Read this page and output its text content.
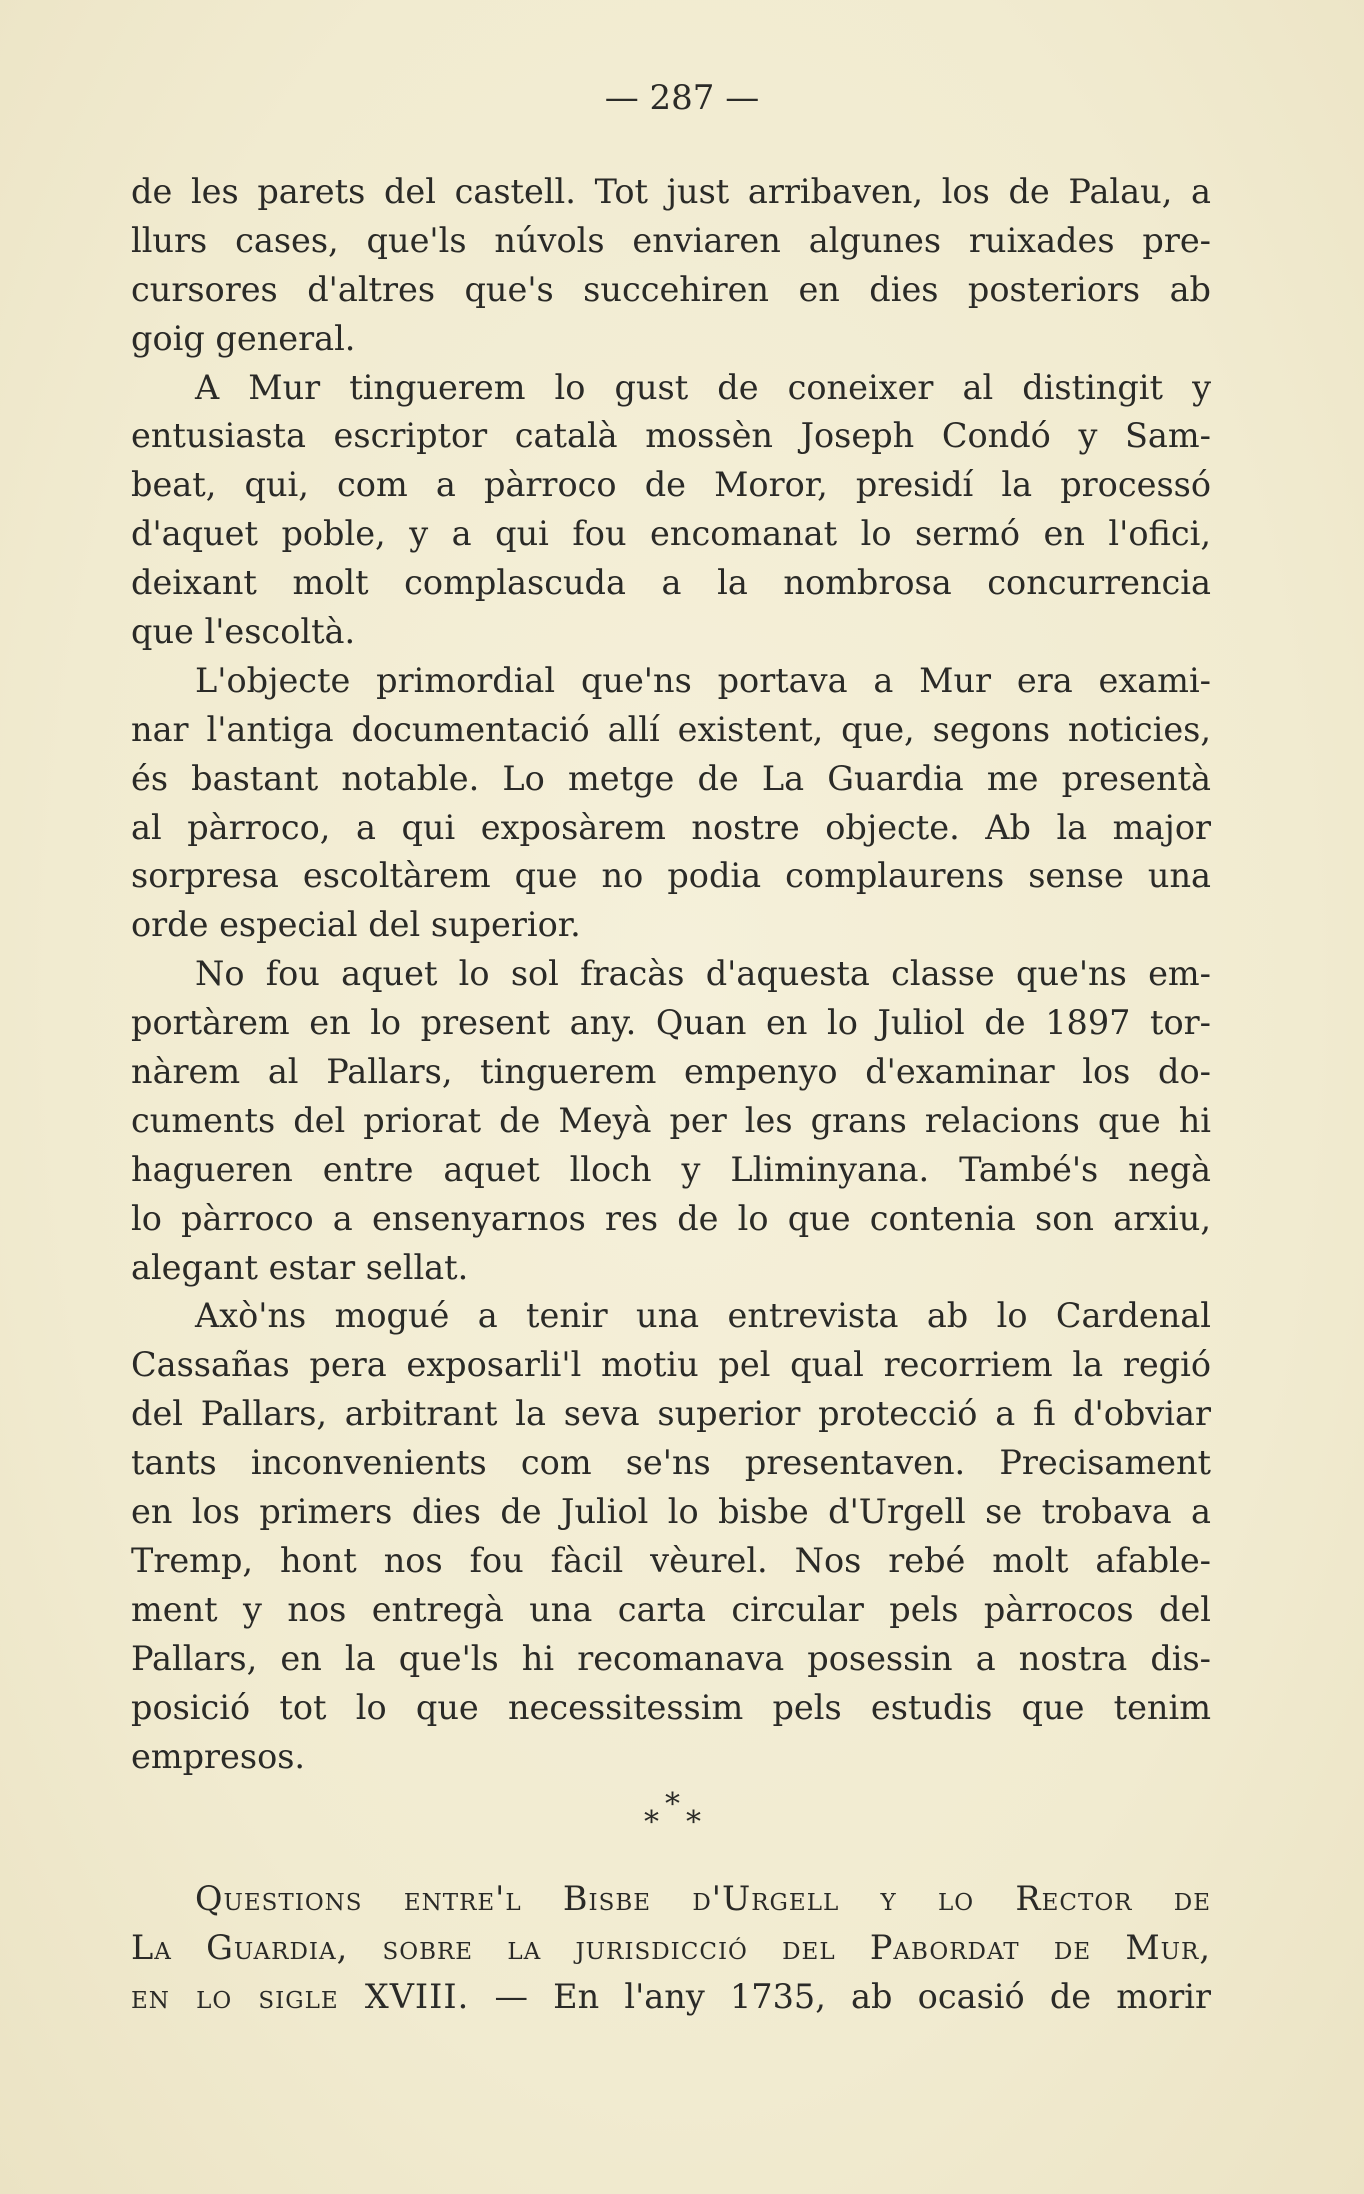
— 287 —
de les parets del castell. Tot just arribaven, los de Palau, a
llurs cases, que'ls núvols enviaren algunes ruixades pre-
cursores d'altres que's succehiren en dies posteriors ab
goig general.
A Mur tinguerem lo gust de coneixer al distingit y
entusiasta escriptor català mossèn Joseph Condó y Sam-
beat, qui, com a pàrroco de Moror, presidí la processó
d'aquet poble, y a qui fou encomanat lo sermó en l'ofici,
deixant molt complascuda a la nombrosa concurrencia
que l'escoltà.
L'objecte primordial que'ns portava a Mur era exami-
nar l'antiga documentació allí existent, que, segons noticies,
és bastant notable. Lo metge de La Guardia me presentà
al pàrroco, a qui exposàrem nostre objecte. Ab la major
sorpresa escoltàrem que no podia complaurens sense una
orde especial del superior.
No fou aquet lo sol fracàs d'aquesta classe que'ns em-
portàrem en lo present any. Quan en lo Juliol de 1897 tor-
nàrem al Pallars, tinguerem empenyo d'examinar los do-
cuments del priorat de Meyà per les grans relacions que hi
hagueren entre aquet lloch y Lliminyana. També's negà
lo pàrroco a ensenyarnos res de lo que contenia son arxiu,
alegant estar sellat.
Axò'ns mogué a tenir una entrevista ab lo Cardenal
Cassañas pera exposarli'l motiu pel qual recorriem la regió
del Pallars, arbitrant la seva superior protecció a fi d'obviar
tants inconvenients com se'ns presentaven. Precisament
en los primers dies de Juliol lo bisbe d'Urgell se trobava a
Tremp, hont nos fou fàcil vèurel. Nos rebé molt afable-
ment y nos entregà una carta circular pels pàrrocos del
Pallars, en la que'ls hi recomanava posessin a nostra dis-
posició tot lo que necessitessim pels estudis que tenim
empresos.
*
* *
Questions entre'l Bisbe d'Urgell y lo Rector de
La Guardia, sobre la jurisdicció del Pabordat de Mur,
en lo sigle XVIII. — En l'any 1735, ab ocasió de morir
